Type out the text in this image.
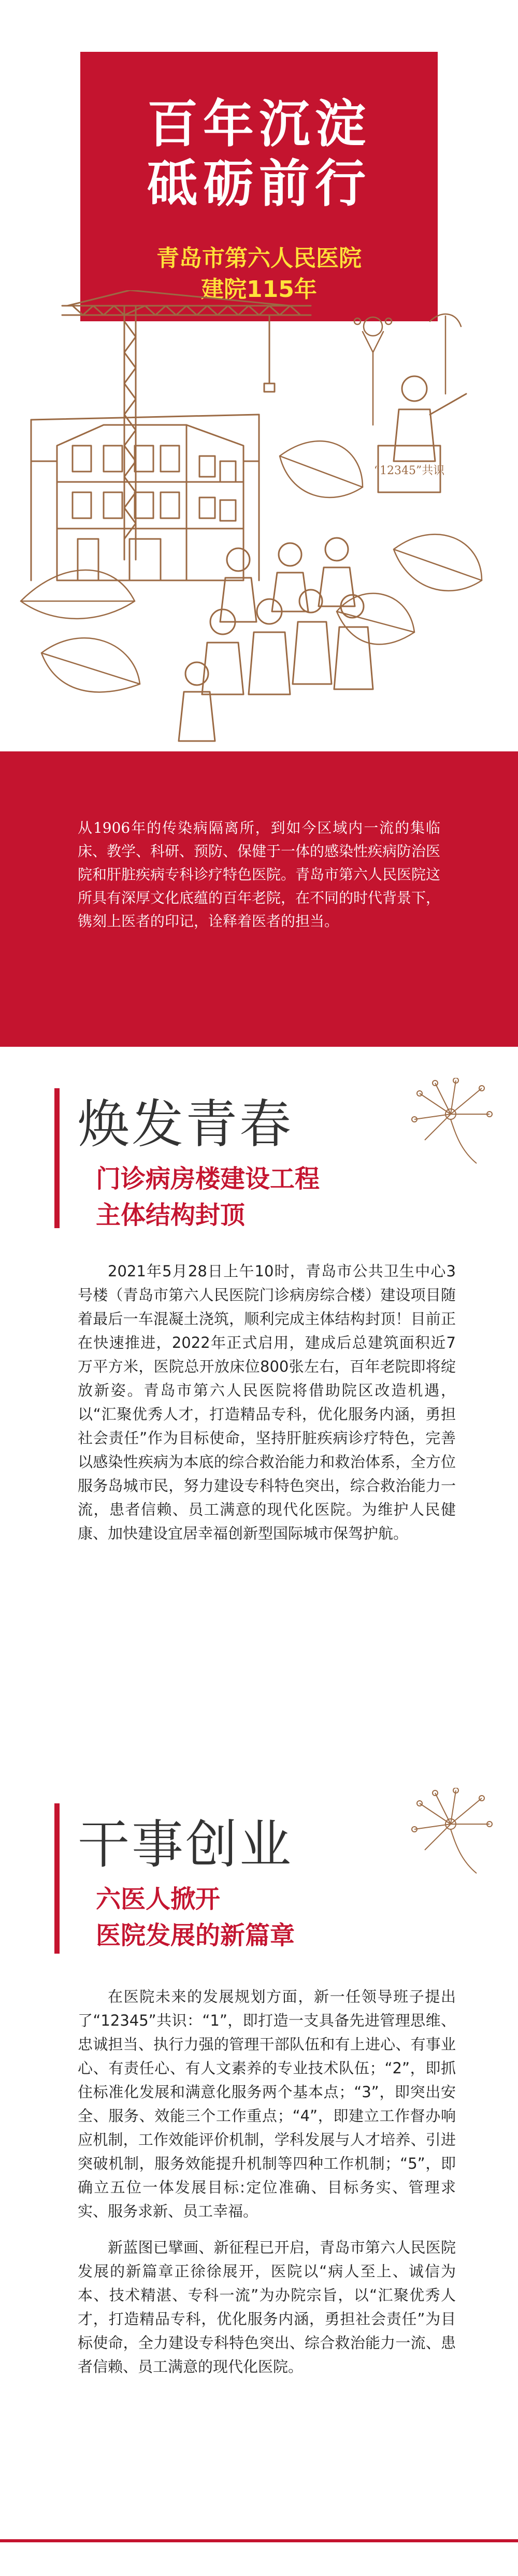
百年沉淀
砥砺前行
青岛市第六人民医院
建院115年
“12345”共识
从1906年的传染病隔离所，到如今区域内一流的集临床、教学、科研、预防、保健于一体的感染性疾病防治医院和肝脏疾病专科诊疗特色医院。青岛市第六人民医院这所具有深厚文化底蕴的百年老院，在不同的时代背景下，镌刻上医者的印记，诠释着医者的担当。
焕发青春
门诊病房楼建设工程
主体结构封顶

2021年5月28日上午10时，青岛市公共卫生中心3号楼（青岛市第六人民医院门诊病房综合楼）建设项目随着最后一车混凝土浇筑，顺利完成主体结构封顶！目前正在快速推进，2022年正式启用，建成后总建筑面积近7万平方米，医院总开放床位800张左右，百年老院即将绽放新姿。青岛市第六人民医院将借助院区改造机遇，以“汇聚优秀人才，打造精品专科，优化服务内涵，勇担社会责任”作为目标使命，坚持肝脏疾病诊疗特色，完善以感染性疾病为本底的综合救治能力和救治体系，全方位服务岛城市民，努力建设专科特色突出，综合救治能力一流，患者信赖、员工满意的现代化医院。为维护人民健康、加快建设宜居幸福创新型国际城市保驾护航。

干事创业
六医人掀开
医院发展的新篇章

在医院未来的发展规划方面，新一任领导班子提出了“12345”共识：“1”，即打造一支具备先进管理思维、忠诚担当、执行力强的管理干部队伍和有上进心、有事业心、有责任心、有人文素养的专业技术队伍；“2”，即抓住标准化发展和满意化服务两个基本点；“3”，即突出安全、服务、效能三个工作重点；“4”，即建立工作督办响应机制，工作效能评价机制，学科发展与人才培养、引进突破机制，服务效能提升机制等四种工作机制；“5”，即确立五位一体发展目标:定位准确、目标务实、管理求实、服务求新、员工幸福。

新蓝图已擘画、新征程已开启，青岛市第六人民医院发展的新篇章正徐徐展开，医院以“病人至上、诚信为本、技术精湛、专科一流”为办院宗旨，以“汇聚优秀人才，打造精品专科，优化服务内涵，勇担社会责任”为目标使命，全力建设专科特色突出、综合救治能力一流、患者信赖、员工满意的现代化医院。
